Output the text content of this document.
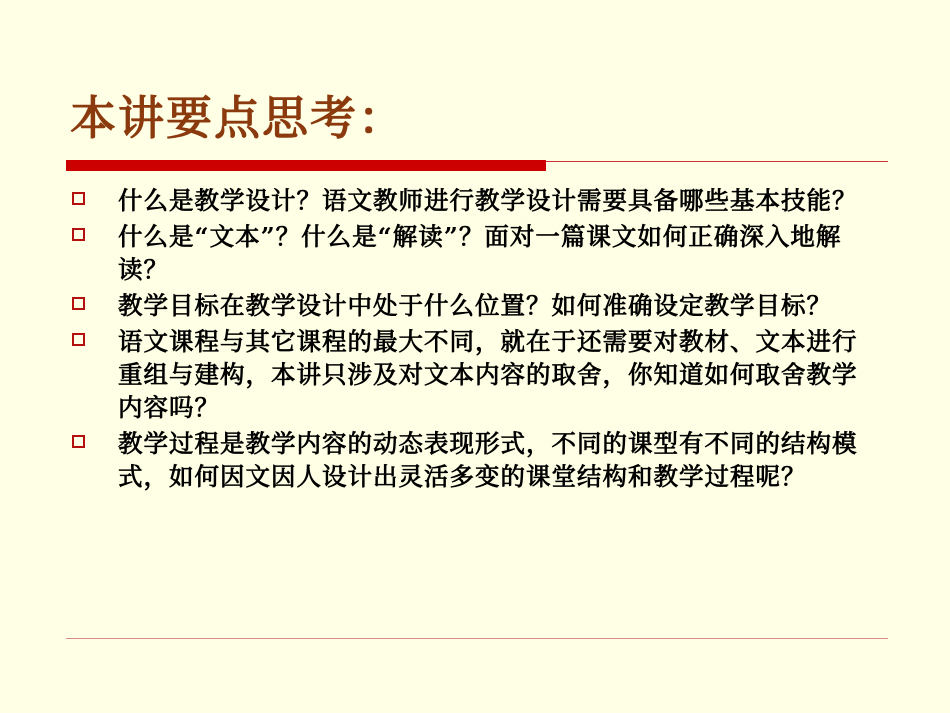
本讲要点思考：
什么是教学设计？语文教师进行教学设计需要具备哪些基本技能？
什么是“文本”？什么是“解读”？面对一篇课文如何正确深入地解读？
教学目标在教学设计中处于什么位置？如何准确设定教学目标？
语文课程与其它课程的最大不同，就在于还需要对教材、文本进行重组与建构，本讲只涉及对文本内容的取舍，你知道如何取舍教学内容吗？
教学过程是教学内容的动态表现形式，不同的课型有不同的结构模式，如何因文因人设计出灵活多变的课堂结构和教学过程呢？
